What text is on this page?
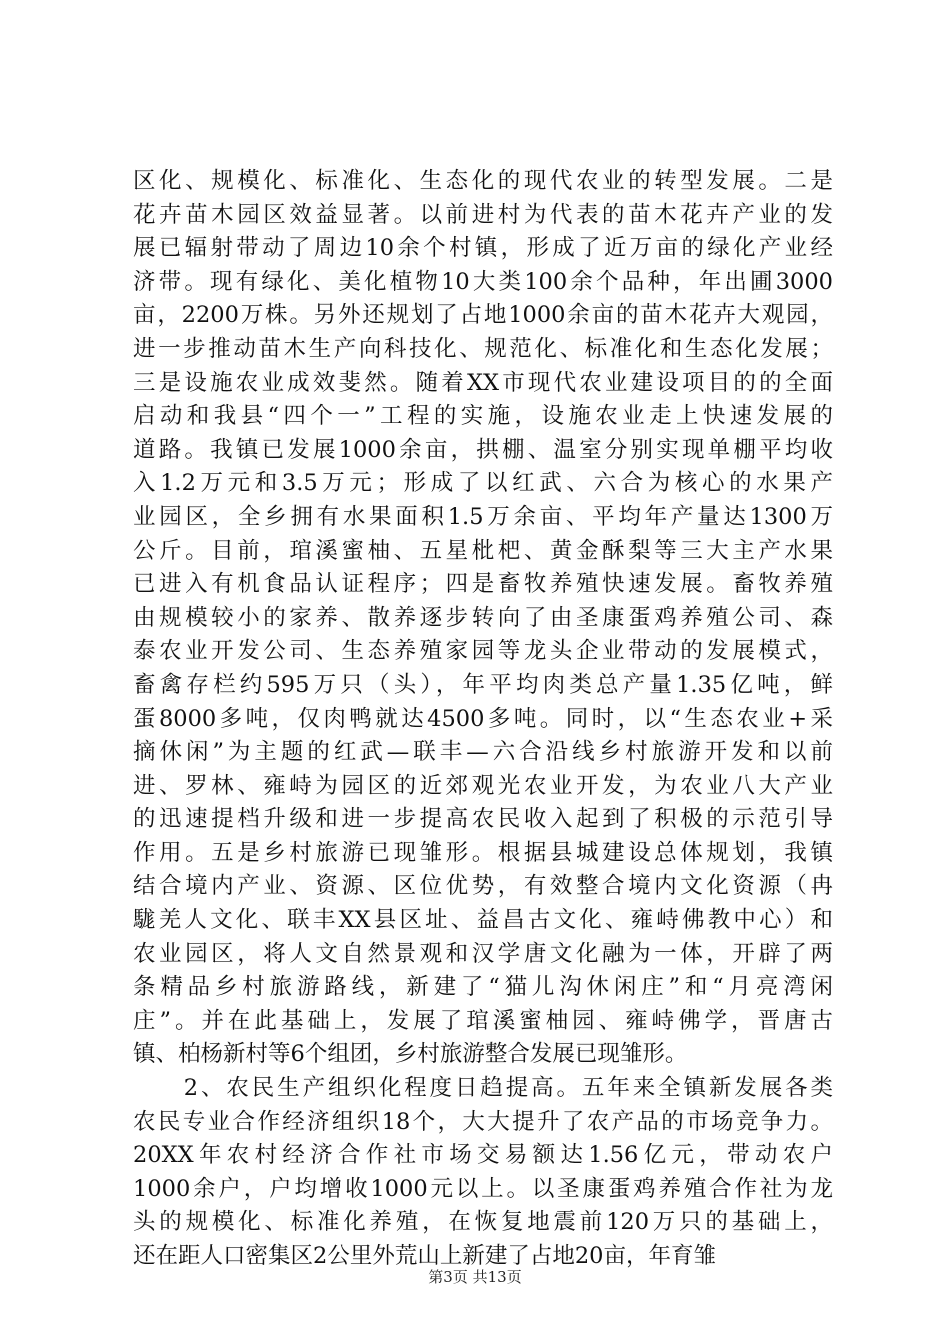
区化、规模化、标准化、生态化的现代农业的转型发展。二是
花卉苗木园区效益显著。以前进村为代表的苗木花卉产业的发
展已辐射带动了周边10余个村镇，形成了近万亩的绿化产业经
济带。现有绿化、美化植物10大类100余个品种，年出圃3000
亩，2200万株。另外还规划了占地1000余亩的苗木花卉大观园，
进一步推动苗木生产向科技化、规范化、标准化和生态化发展；
三是设施农业成效斐然。随着XX市现代农业建设项目的的全面
启动和我县“四个一”工程的实施，设施农业走上快速发展的
道路。我镇已发展1000余亩，拱棚、温室分别实现单棚平均收
入1.2万元和3.5万元；形成了以红武、六合为核心的水果产
业园区，全乡拥有水果面积1.5万余亩、平均年产量达1300万
公斤。目前，琯溪蜜柚、五星枇杷、黄金酥梨等三大主产水果
已进入有机食品认证程序；四是畜牧养殖快速发展。畜牧养殖
由规模较小的家养、散养逐步转向了由圣康蛋鸡养殖公司、森
泰农业开发公司、生态养殖家园等龙头企业带动的发展模式，
畜禽存栏约595万只（头），年平均肉类总产量1.35亿吨，鲜
蛋8000多吨，仅肉鸭就达4500多吨。同时，以“生态农业+采
摘休闲”为主题的红武—联丰—六合沿线乡村旅游开发和以前
进、罗林、雍峙为园区的近郊观光农业开发，为农业八大产业
的迅速提档升级和进一步提高农民收入起到了积极的示范引导
作用。五是乡村旅游已现雏形。根据县城建设总体规划，我镇
结合境内产业、资源、区位优势，有效整合境内文化资源（冉
駹羌人文化、联丰XX县区址、益昌古文化、雍峙佛教中心）和
农业园区，将人文自然景观和汉学唐文化融为一体，开辟了两
条精品乡村旅游路线，新建了“猫儿沟休闲庄”和“月亮湾闲
庄”。并在此基础上，发展了琯溪蜜柚园、雍峙佛学，晋唐古
镇、柏杨新村等6个组团，乡村旅游整合发展已现雏形。
　　2、农民生产组织化程度日趋提高。五年来全镇新发展各类
农民专业合作经济组织18个，大大提升了农产品的市场竞争力。
20XX年农村经济合作社市场交易额达1.56亿元，带动农户
1000余户，户均增收1000元以上。以圣康蛋鸡养殖合作社为龙
头的规模化、标准化养殖，在恢复地震前120万只的基础上，
还在距人口密集区2公里外荒山上新建了占地20亩，年育雏
第3页 共13页
